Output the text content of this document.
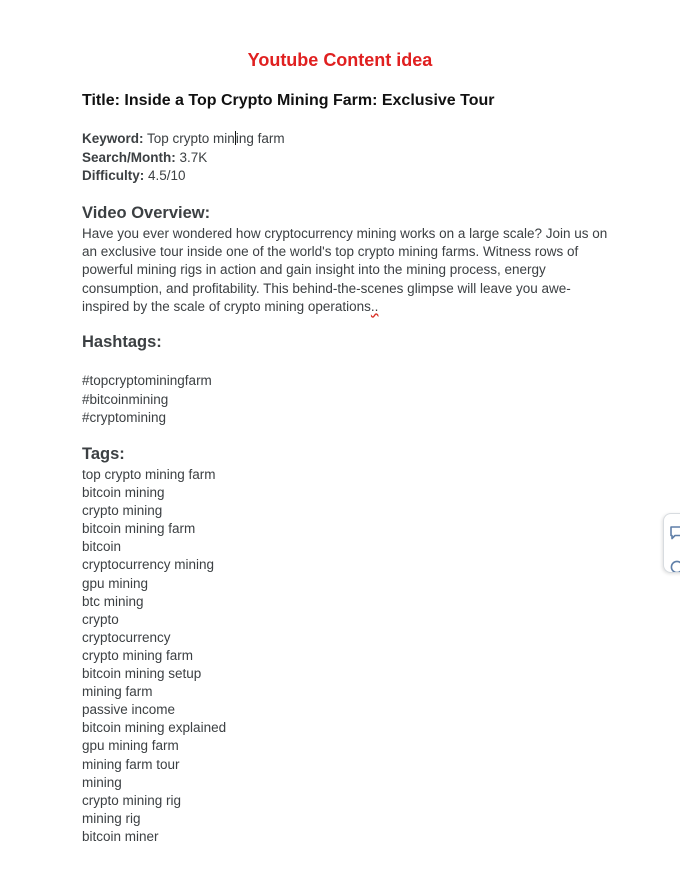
Youtube Content idea
Title: Inside a Top Crypto Mining Farm: Exclusive Tour
Keyword: Top crypto mining farm
Search/Month: 3.7K
Difficulty: 4.5/10
Video Overview:
Have you ever wondered how cryptocurrency mining works on a large scale? Join us on an exclusive tour inside one of the world's top crypto mining farms. Witness rows of powerful mining rigs in action and gain insight into the mining process, energy consumption, and profitability. This behind-the-scenes glimpse will leave you awe-inspired by the scale of crypto mining operations..
Hashtags:
#topcryptominingfarm
#bitcoinmining
#cryptomining
Tags:
top crypto mining farm
bitcoin mining
crypto mining
bitcoin mining farm
bitcoin
cryptocurrency mining
gpu mining
btc mining
crypto
cryptocurrency
crypto mining farm
bitcoin mining setup
mining farm
passive income
bitcoin mining explained
gpu mining farm
mining farm tour
mining
crypto mining rig
mining rig
bitcoin miner
